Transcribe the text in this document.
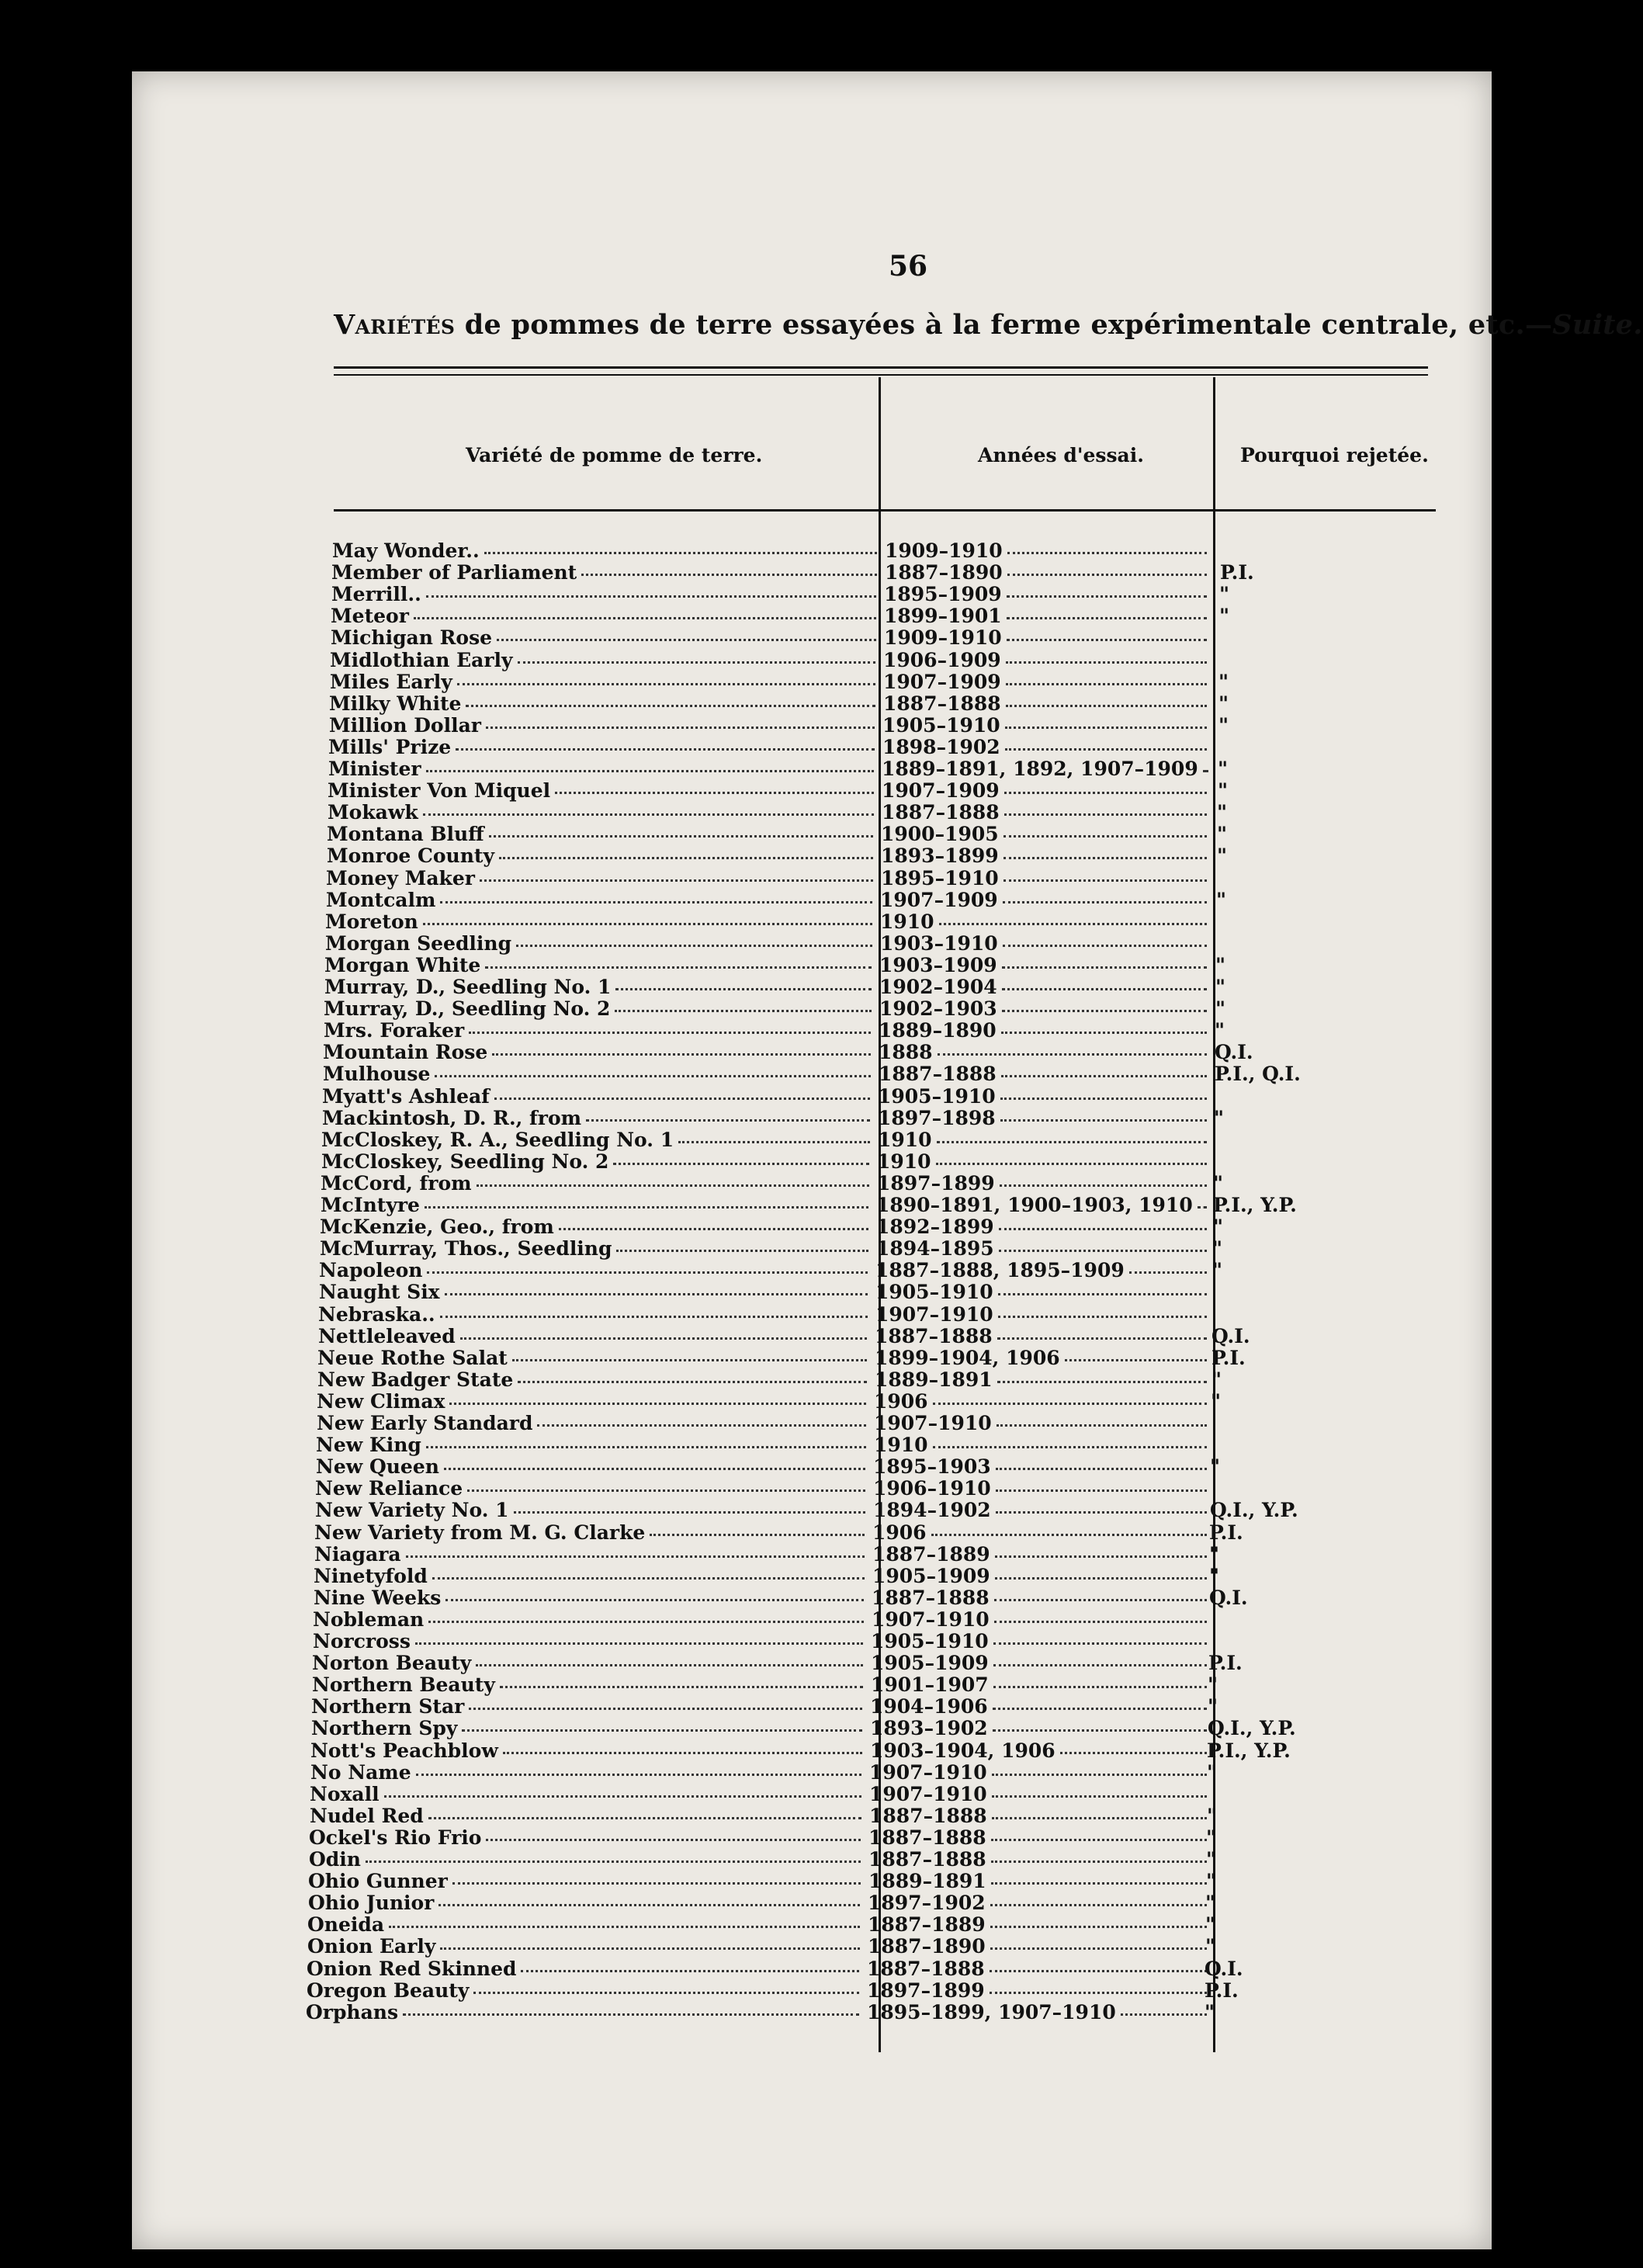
56
Variétés de pommes de terre essayées à la ferme expérimentale centrale, etc.—Suite.
Variété de pomme de terre.	Années d'essai.	Pourquoi rejetée.
May Wonder..	1909–1910
Member of Parliament	1887–1890	P.I.
Merrill..	1895–1909	"
Meteor	1899–1901	"
Michigan Rose	1909–1910
Midlothian Early	1906–1909
Miles Early	1907–1909	"
Milky White	1887–1888	"
Million Dollar	1905–1910	"
Mills' Prize	1898–1902
Minister	1889–1891, 1892, 1907–1909 "
Minister Von Miquel	1907–1909	"
Mokawk	1887–1888	"
Montana Bluff	1900–1905	"
Monroe County	1893–1899	"
Money Maker	1895–1910
Montcalm	1907–1909	"
Moreton	1910
Morgan Seedling	1903–1910
Morgan White	1903–1909	"
Murray, D., Seedling No. 1	1902–1904	"
Murray, D., Seedling No. 2	1902–1903	"
Mrs. Foraker	1889–1890	"
Mountain Rose	1888	Q.I.
Mulhouse	1887–1888	P.I., Q.I.
Myatt's Ashleaf	1905–1910
Mackintosh, D. R., from	1897–1898	"
McCloskey, R. A., Seedling No. 1	1910
McCloskey, Seedling No. 2	1910
McCord, from	1897–1899	"
McIntyre	1890–1891, 1900–1903, 1910 P.I., Y.P.
McKenzie, Geo., from	1892–1899	"
McMurray, Thos., Seedling	1894–1895	"
Napoleon	1887–1888, 1895–1909	"
Naught Six	1905–1910
Nebraska..	1907–1910
Nettleleaved	1887–1888	Q.I.
Neue Rothe Salat	1899–1904, 1906	P.I.
New Badger State	1889–1891	"
New Climax	1906	"
New Early Standard	1907–1910
New King	1910
New Queen	1895–1903	"
New Reliance	1906–1910
New Variety No. 1	1894–1902	Q.I., Y.P.
New Variety from M. G. Clarke	1906	P.I.
Niagara	1887–1889	"
Ninetyfold	1905–1909	"
Nine Weeks	1887–1888	Q.I.
Nobleman	1907–1910
Norcross	1905–1910
Norton Beauty	1905–1909	P.I.
Northern Beauty	1901–1907	"
Northern Star	1904–1906	"
Northern Spy	1893–1902	Q.I., Y.P.
Nott's Peachblow	1903–1904, 1906	P.I., Y.P.
No Name	1907–1910	"
Noxall	1907–1910
Nudel Red	1887–1888	"
Ockel's Rio Frio	1887–1888	"
Odin	1887–1888	"
Ohio Gunner	1889–1891	"
Ohio Junior	1897–1902	"
Oneida	1887–1889	"
Onion Early	1887–1890	"
Onion Red Skinned	1887–1888	Q.I.
Oregon Beauty	1897–1899	P.I.
Orphans	1895–1899, 1907–1910	"
